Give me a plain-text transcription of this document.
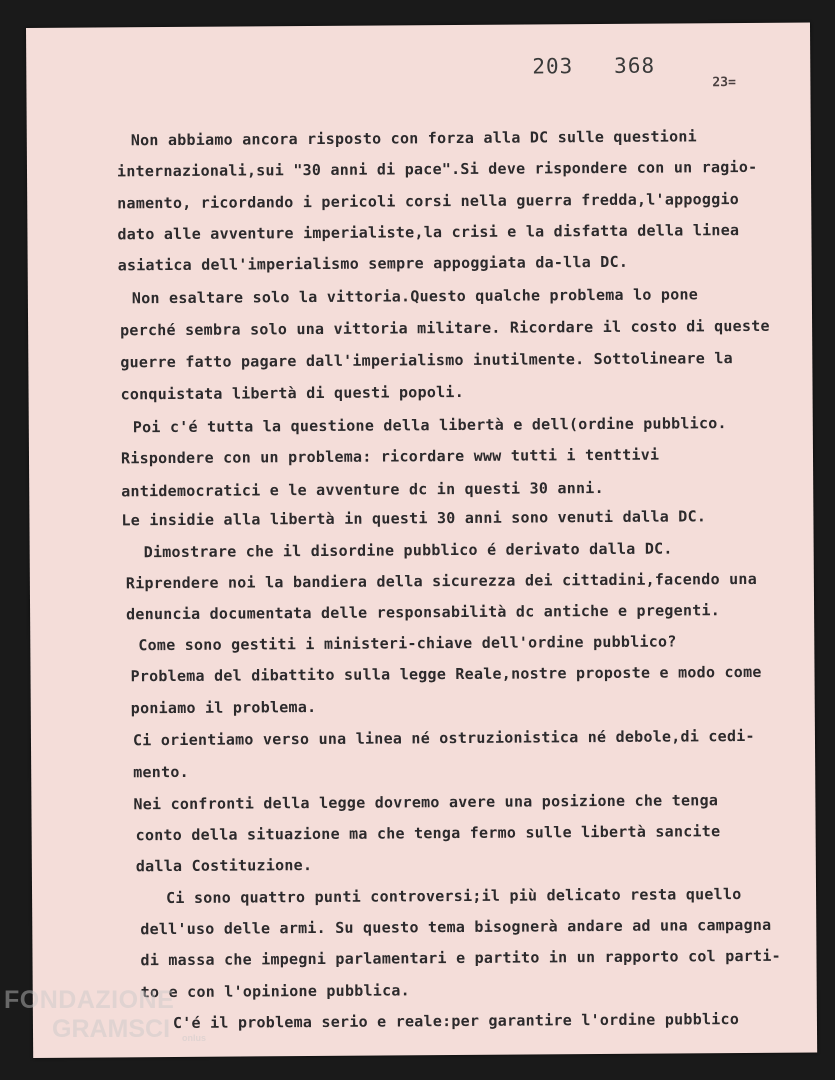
203   368
23=
Non abbiamo ancora risposto con forza alla DC sulle questioni
internazionali,sui "30 anni di pace".Si deve rispondere con un ragio-
namento, ricordando i pericoli corsi nella guerra fredda,l'appoggio
dato alle avventure imperialiste,la crisi e la disfatta della linea
asiatica dell'imperialismo sempre appoggiata da-lla DC.
Non esaltare solo la vittoria.Questo qualche problema lo pone
perché sembra solo una vittoria militare. Ricordare il costo di queste
guerre fatto pagare dall'imperialismo inutilmente. Sottolineare la
conquistata libertà di questi popoli.
Poi c'é tutta la questione della libertà e dell(ordine pubblico.
Rispondere con un problema: ricordare www tutti i tenttivi
antidemocratici e le avventure dc in questi 30 anni.
Le insidie alla libertà in questi 30 anni sono venuti dalla DC.
Dimostrare che il disordine pubblico é derivato dalla DC.
Riprendere noi la bandiera della sicurezza dei cittadini,facendo una
denuncia documentata delle responsabilità dc antiche e pregenti.
Come sono gestiti i ministeri-chiave dell'ordine pubblico?
Problema del dibattito sulla legge Reale,nostre proposte e modo come
poniamo il problema.
Ci orientiamo verso una linea né ostruzionistica né debole,di cedi-
mento.
Nei confronti della legge dovremo avere una posizione che tenga
conto della situazione ma che tenga fermo sulle libertà sancite
dalla Costituzione.
Ci sono quattro punti controversi;il più delicato resta quello
dell'uso delle armi. Su questo tema bisognerà andare ad una campagna
di massa che impegni parlamentari e partito in un rapporto col parti-
to e con l'opinione pubblica.
C'é il problema serio e reale:per garantire l'ordine pubblico
FONDAZIONE
GRAMSCI	onlus
